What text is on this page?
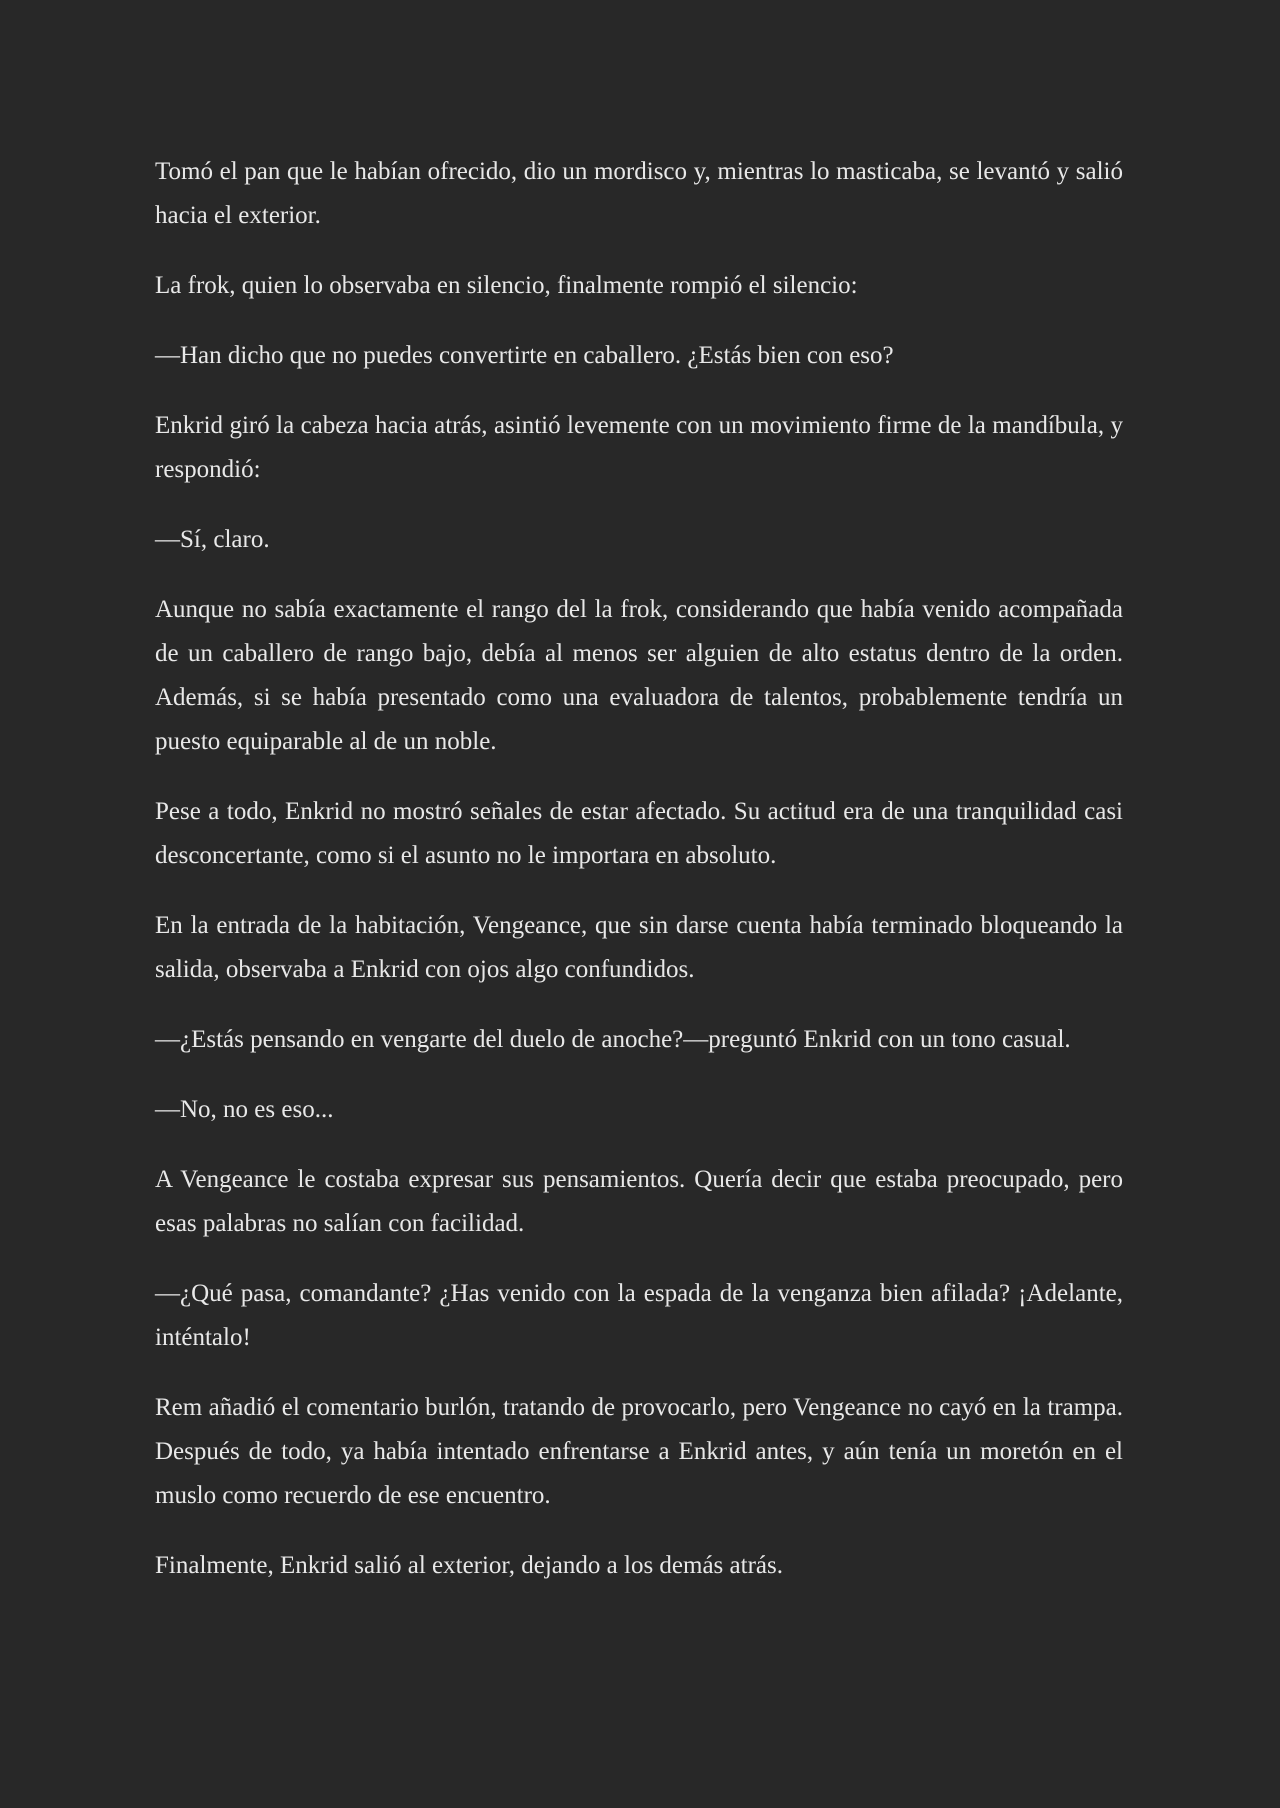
Tomó el pan que le habían ofrecido, dio un mordisco y, mientras lo masticaba, se levantó y salió hacia el exterior.

La frok, quien lo observaba en silencio, finalmente rompió el silencio:

—Han dicho que no puedes convertirte en caballero. ¿Estás bien con eso?

Enkrid giró la cabeza hacia atrás, asintió levemente con un movimiento firme de la mandíbula, y respondió:

—Sí, claro.

Aunque no sabía exactamente el rango del la frok, considerando que había venido acompañada de un caballero de rango bajo, debía al menos ser alguien de alto estatus dentro de la orden. Además, si se había presentado como una evaluadora de talentos, probablemente tendría un puesto equiparable al de un noble.

Pese a todo, Enkrid no mostró señales de estar afectado. Su actitud era de una tranquilidad casi desconcertante, como si el asunto no le importara en absoluto.

En la entrada de la habitación, Vengeance, que sin darse cuenta había terminado bloqueando la salida, observaba a Enkrid con ojos algo confundidos.

—¿Estás pensando en vengarte del duelo de anoche?—preguntó Enkrid con un tono casual.

—No, no es eso...

A Vengeance le costaba expresar sus pensamientos. Quería decir que estaba preocupado, pero esas palabras no salían con facilidad.

—¿Qué pasa, comandante? ¿Has venido con la espada de la venganza bien afilada? ¡Adelante, inténtalo!

Rem añadió el comentario burlón, tratando de provocarlo, pero Vengeance no cayó en la trampa. Después de todo, ya había intentado enfrentarse a Enkrid antes, y aún tenía un moretón en el muslo como recuerdo de ese encuentro.

Finalmente, Enkrid salió al exterior, dejando a los demás atrás.
